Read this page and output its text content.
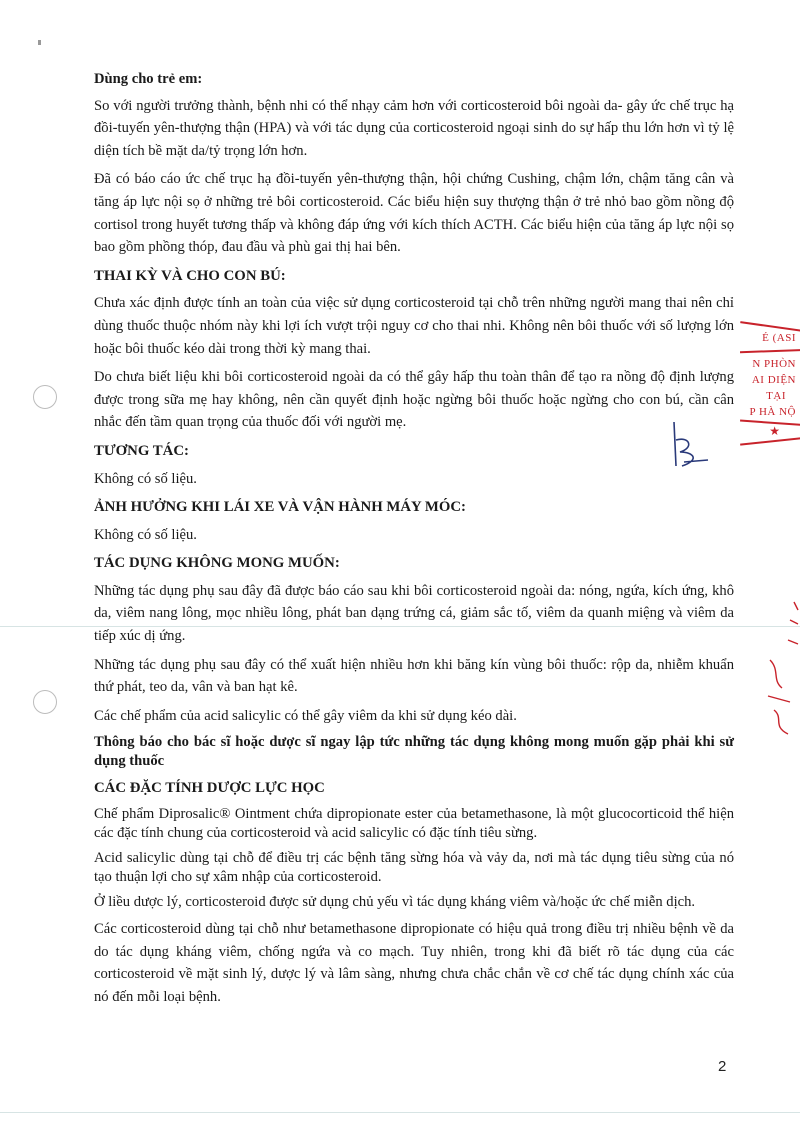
Dùng cho trẻ em:

So với người trưởng thành, bệnh nhi có thể nhạy cảm hơn với corticosteroid bôi ngoài da- gây ức chế trục hạ đồi-tuyến yên-thượng thận (HPA) và với tác dụng của corticosteroid ngoại sinh do sự hấp thu lớn hơn vì tỷ lệ diện tích bề mặt da/tỷ trọng lớn hơn.

Đã có báo cáo ức chế trục hạ đồi-tuyến yên-thượng thận, hội chứng Cushing, chậm lớn, chậm tăng cân và tăng áp lực nội sọ ở những trẻ bôi corticosteroid. Các biểu hiện suy thượng thận ở trẻ nhỏ bao gồm nồng độ cortisol trong huyết tương thấp và không đáp ứng với kích thích ACTH. Các biểu hiện của tăng áp lực nội sọ bao gồm phồng thóp, đau đầu và phù gai thị hai bên.

THAI KỲ VÀ CHO CON BÚ:

Chưa xác định được tính an toàn của việc sử dụng corticosteroid tại chỗ trên những người mang thai nên chỉ dùng thuốc thuộc nhóm này khi lợi ích vượt trội nguy cơ cho thai nhi. Không nên bôi thuốc với số lượng lớn hoặc bôi thuốc kéo dài trong thời kỳ mang thai.

Do chưa biết liệu khi bôi corticosteroid ngoài da có thể gây hấp thu toàn thân để tạo ra nồng độ định lượng được trong sữa mẹ hay không, nên cần quyết định hoặc ngừng bôi thuốc hoặc ngừng cho con bú, cần cân nhắc đến tầm quan trọng của thuốc đối với người mẹ.

TƯƠNG TÁC:

Không có số liệu.

ẢNH HƯỞNG KHI LÁI XE VÀ VẬN HÀNH MÁY MÓC:

Không có số liệu.

TÁC DỤNG KHÔNG MONG MUỐN:

Những tác dụng phụ sau đây đã được báo cáo sau khi bôi corticosteroid ngoài da: nóng, ngứa, kích ứng, khô da, viêm nang lông, mọc nhiều lông, phát ban dạng trứng cá, giảm sắc tố, viêm da quanh miệng và viêm da tiếp xúc dị ứng.

Những tác dụng phụ sau đây có thể xuất hiện nhiều hơn khi băng kín vùng bôi thuốc: rộp da, nhiễm khuẩn thứ phát, teo da, vân và ban hạt kê.

Các chế phẩm của acid salicylic có thể gây viêm da khi sử dụng kéo dài.

Thông báo cho bác sĩ hoặc dược sĩ ngay lập tức những tác dụng không mong muốn gặp phải khi sử dụng thuốc

CÁC ĐẶC TÍNH DƯỢC LỰC HỌC

Chế phẩm Diprosalic® Ointment chứa dipropionate ester của betamethasone, là một glucocorticoid thể hiện các đặc tính chung của corticosteroid và acid salicylic có đặc tính tiêu sừng.

Acid salicylic dùng tại chỗ để điều trị các bệnh tăng sừng hóa và vảy da, nơi mà tác dụng tiêu sừng của nó tạo thuận lợi cho sự xâm nhập của corticosteroid.

Ở liều dược lý, corticosteroid được sử dụng chủ yếu vì tác dụng kháng viêm và/hoặc ức chế miễn dịch.

Các corticosteroid dùng tại chỗ như betamethasone dipropionate có hiệu quả trong điều trị nhiều bệnh về da do tác dụng kháng viêm, chống ngứa và co mạch. Tuy nhiên, trong khi đã biết rõ tác dụng của các corticosteroid về mặt sinh lý, dược lý và lâm sàng, nhưng chưa chắc chắn về cơ chế tác dụng chính xác của nó đến mỗi loại bệnh.

É (ASI
N PHÒN
AI DIỆN
TẠI
P HÀ NỘ
★
2
